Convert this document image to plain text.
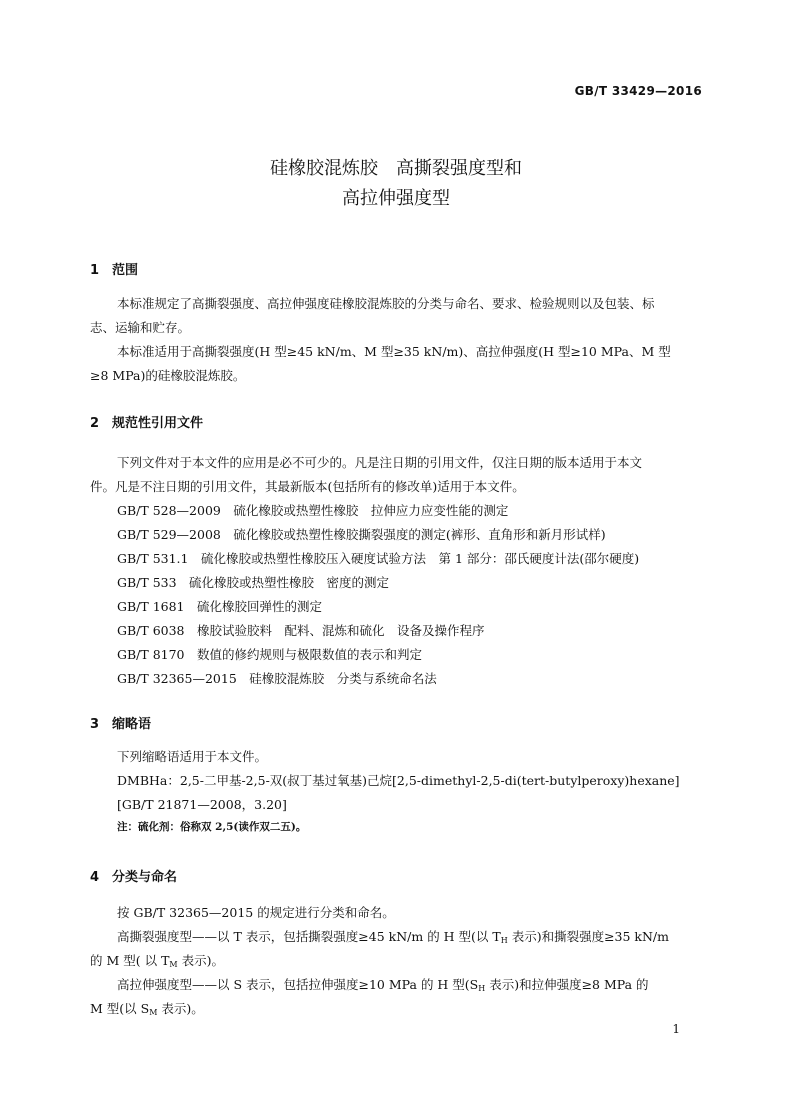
GB/T 33429—2016
硅橡胶混炼胶　高撕裂强度型和
高拉伸强度型
1 范围
本标准规定了高撕裂强度、高拉伸强度硅橡胶混炼胶的分类与命名、要求、检验规则以及包装、标
志、运输和贮存。
本标准适用于高撕裂强度(H 型≥45 kN/m、M 型≥35 kN/m)、高拉伸强度(H 型≥10 MPa、M 型
≥8 MPa)的硅橡胶混炼胶。
2 规范性引用文件
下列文件对于本文件的应用是必不可少的。凡是注日期的引用文件，仅注日期的版本适用于本文
件。凡是不注日期的引用文件，其最新版本(包括所有的修改单)适用于本文件。
GB/T 528—2009　硫化橡胶或热塑性橡胶　拉伸应力应变性能的测定
GB/T 529—2008　硫化橡胶或热塑性橡胶撕裂强度的测定(裤形、直角形和新月形试样)
GB/T 531.1　硫化橡胶或热塑性橡胶压入硬度试验方法　第 1 部分：邵氏硬度计法(邵尔硬度)
GB/T 533　硫化橡胶或热塑性橡胶　密度的测定
GB/T 1681　硫化橡胶回弹性的测定
GB/T 6038　橡胶试验胶料　配料、混炼和硫化　设备及操作程序
GB/T 8170　数值的修约规则与极限数值的表示和判定
GB/T 32365—2015　硅橡胶混炼胶　分类与系统命名法
3 缩略语
下列缩略语适用于本文件。
DMBHa：2,5-二甲基-2,5-双(叔丁基过氧基)己烷[2,5-dimethyl-2,5-di(tert-butylperoxy)hexane]
[GB/T 21871—2008，3.20]
注：硫化剂：俗称双 2,5(读作双二五)。
4 分类与命名
按 GB/T 32365—2015 的规定进行分类和命名。
高撕裂强度型——以 T 表示，包括撕裂强度≥45 kN/m 的 H 型(以 $T_H$ 表示)和撕裂强度≥35 kN/m
的 M 型( 以 $T_M$ 表示)。
高拉伸强度型——以 S 表示，包括拉伸强度≥10 MPa 的 H 型($S_H$ 表示)和拉伸强度≥8 MPa 的
M 型(以 $S_M$ 表示)。
1
